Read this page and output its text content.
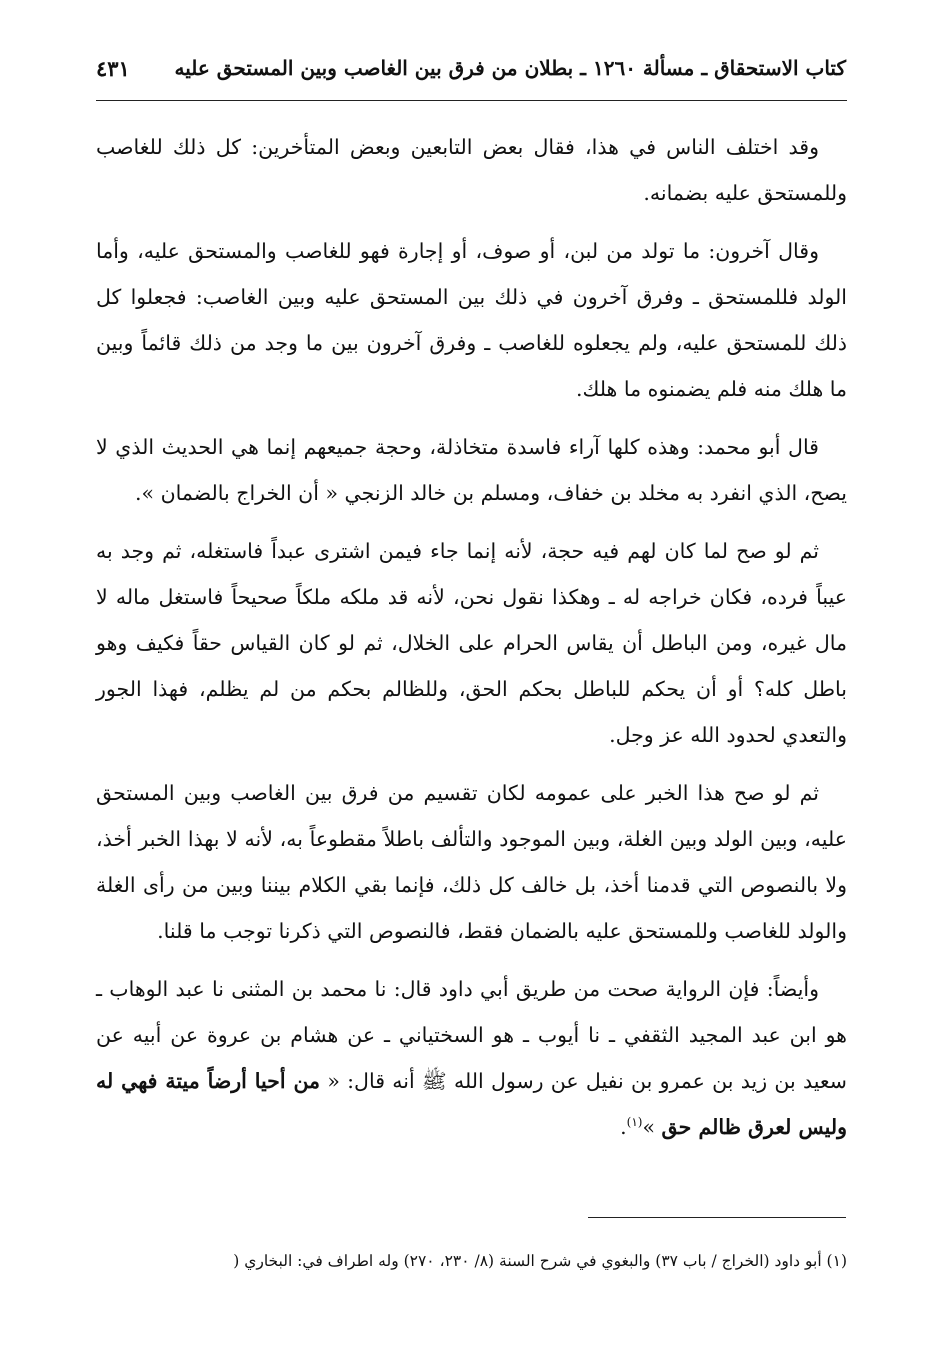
كتاب الاستحقاق ـ مسألة ١٢٦٠ ـ بطلان من فرق بين الغاصب وبين المستحق عليه
٤٣١

وقد اختلف الناس في هذا، فقال بعض التابعين وبعض المتأخرين: كل ذلك للغاصب وللمستحق عليه بضمانه.

وقال آخرون: ما تولد من لبن، أو صوف، أو إجارة فهو للغاصب والمستحق عليه، وأما الولد فللمستحق ـ وفرق آخرون في ذلك بين المستحق عليه وبين الغاصب: فجعلوا كل ذلك للمستحق عليه، ولم يجعلوه للغاصب ـ وفرق آخرون بين ما وجد من ذلك قائماً وبين ما هلك منه فلم يضمنوه ما هلك.

قال أبو محمد: وهذه كلها آراء فاسدة متخاذلة، وحجة جميعهم إنما هي الحديث الذي لا يصح، الذي انفرد به مخلد بن خفاف، ومسلم بن خالد الزنجي « أن الخراج بالضمان ».

ثم لو صح لما كان لهم فيه حجة، لأنه إنما جاء فيمن اشترى عبداً فاستغله، ثم وجد به عيباً فرده، فكان خراجه له ـ وهكذا نقول نحن، لأنه قد ملكه ملكاً صحيحاً فاستغل ماله لا مال غيره، ومن الباطل أن يقاس الحرام على الخلال، ثم لو كان القياس حقاً فكيف وهو باطل كله؟ أو أن يحكم للباطل بحكم الحق، وللظالم بحكم من لم يظلم، فهذا الجور والتعدي لحدود الله عز وجل.

ثم لو صح هذا الخبر على عمومه لكان تقسيم من فرق بين الغاصب وبين المستحق عليه، وبين الولد وبين الغلة، وبين الموجود والتألف باطلاً مقطوعاً به، لأنه لا بهذا الخبر أخذ، ولا بالنصوص التي قدمنا أخذ، بل خالف كل ذلك، فإنما بقي الكلام بيننا وبين من رأى الغلة والولد للغاصب وللمستحق عليه بالضمان فقط، فالنصوص التي ذكرنا توجب ما قلنا.

وأيضاً: فإن الرواية صحت من طريق أبي داود قال: نا محمد بن المثنى نا عبد الوهاب ـ هو ابن عبد المجيد الثقفي ـ نا أيوب ـ هو السختياني ـ عن هشام بن عروة عن أبيه عن سعيد بن زيد بن عمرو بن نفيل عن رسول الله ﷺ أنه قال: « من أحيا أرضاً ميتة فهي له وليس لعرق ظالم حق »$^{(١)}$.

(١) أبو داود (الخراج / باب ٣٧) والبغوي في شرح السنة (٨/ ٢٣٠، ٢٧٠) وله اطراف في: البخاري (
